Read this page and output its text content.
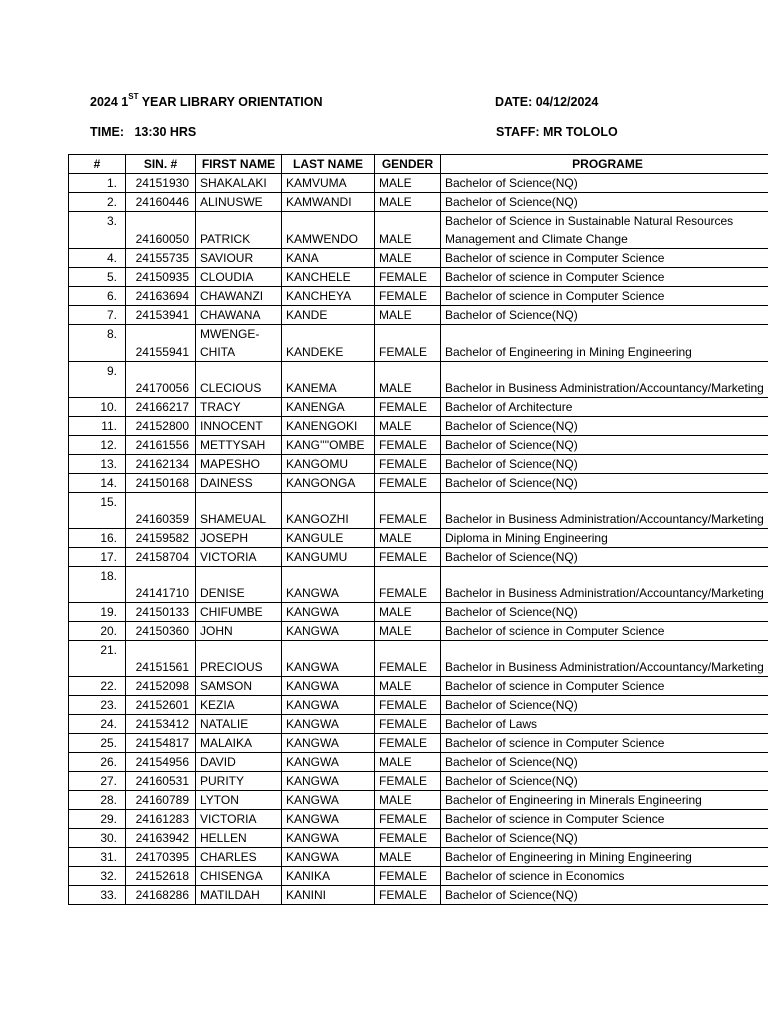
2024 1ST YEAR LIBRARY ORIENTATION	DATE: 04/12/2024
TIME:   13:30 HRS	STAFF: MR TOLOLO
#	SIN. #	FIRST NAME	LAST NAME	GENDER	PROGRAME
1.	24151930	SHAKALAKI	KAMVUMA	MALE	Bachelor of Science(NQ)
2.	24160446	ALINUSWE	KAMWANDI	MALE	Bachelor of Science(NQ)
3.	24160050	PATRICK	KAMWENDO	MALE	Bachelor of Science in Sustainable Natural Resources Management and Climate Change
4.	24155735	SAVIOUR	KANA	MALE	Bachelor of science in Computer Science
5.	24150935	CLOUDIA	KANCHELE	FEMALE	Bachelor of science in Computer Science
6.	24163694	CHAWANZI	KANCHEYA	FEMALE	Bachelor of science in Computer Science
7.	24153941	CHAWANA	KANDE	MALE	Bachelor of Science(NQ)
8.	24155941	MWENGE-CHITA	KANDEKE	FEMALE	Bachelor of Engineering in Mining Engineering
9.	24170056	CLECIOUS	KANEMA	MALE	Bachelor in Business Administration/Accountancy/Marketing
10.	24166217	TRACY	KANENGA	FEMALE	Bachelor of Architecture
11.	24152800	INNOCENT	KANENGOKI	MALE	Bachelor of Science(NQ)
12.	24161556	METTYSAH	KANG''''OMBE	FEMALE	Bachelor of Science(NQ)
13.	24162134	MAPESHO	KANGOMU	FEMALE	Bachelor of Science(NQ)
14.	24150168	DAINESS	KANGONGA	FEMALE	Bachelor of Science(NQ)
15.	24160359	SHAMEUAL	KANGOZHI	FEMALE	Bachelor in Business Administration/Accountancy/Marketing
16.	24159582	JOSEPH	KANGULE	MALE	Diploma in Mining Engineering
17.	24158704	VICTORIA	KANGUMU	FEMALE	Bachelor of Science(NQ)
18.	24141710	DENISE	KANGWA	FEMALE	Bachelor in Business Administration/Accountancy/Marketing
19.	24150133	CHIFUMBE	KANGWA	MALE	Bachelor of Science(NQ)
20.	24150360	JOHN	KANGWA	MALE	Bachelor of science in Computer Science
21.	24151561	PRECIOUS	KANGWA	FEMALE	Bachelor in Business Administration/Accountancy/Marketing
22.	24152098	SAMSON	KANGWA	MALE	Bachelor of science in Computer Science
23.	24152601	KEZIA	KANGWA	FEMALE	Bachelor of Science(NQ)
24.	24153412	NATALIE	KANGWA	FEMALE	Bachelor of Laws
25.	24154817	MALAIKA	KANGWA	FEMALE	Bachelor of science in Computer Science
26.	24154956	DAVID	KANGWA	MALE	Bachelor of Science(NQ)
27.	24160531	PURITY	KANGWA	FEMALE	Bachelor of Science(NQ)
28.	24160789	LYTON	KANGWA	MALE	Bachelor of Engineering in Minerals Engineering
29.	24161283	VICTORIA	KANGWA	FEMALE	Bachelor of science in Computer Science
30.	24163942	HELLEN	KANGWA	FEMALE	Bachelor of Science(NQ)
31.	24170395	CHARLES	KANGWA	MALE	Bachelor of Engineering in Mining Engineering
32.	24152618	CHISENGA	KANIKA	FEMALE	Bachelor of science in Economics
33.	24168286	MATILDAH	KANINI	FEMALE	Bachelor of Science(NQ)
